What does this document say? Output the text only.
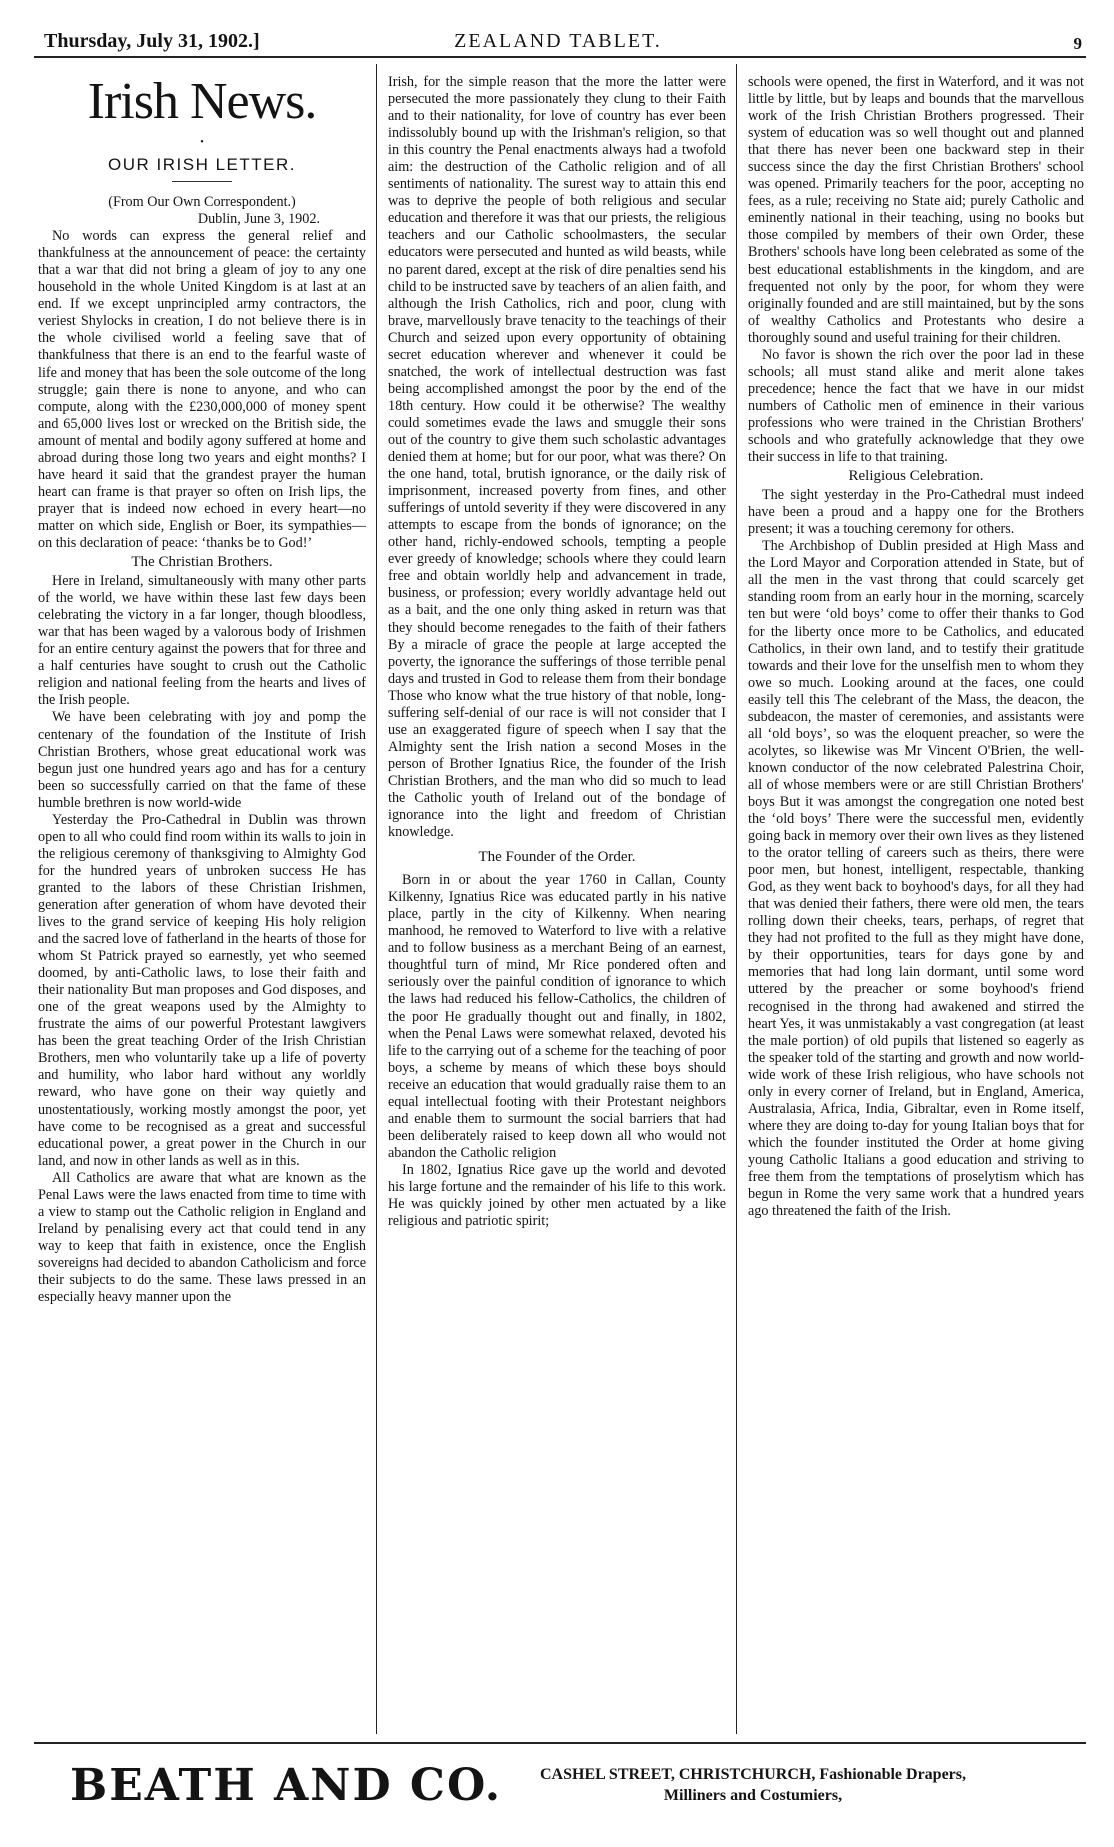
Thursday, July 31, 1902.]	ZEALAND TABLET.	9
Irish News.
•
OUR IRISH LETTER.

(From Our Own Correspondent.)

Dublin, June 3, 1902.

No words can express the general relief and thankfulness at the announcement of peace: the certainty that a war that did not bring a gleam of joy to any one household in the whole United Kingdom is at last at an end. If we except unprincipled army contractors, the veriest Shylocks in creation, I do not believe there is in the whole civilised world a feeling save that of thankfulness that there is an end to the fearful waste of life and money that has been the sole outcome of the long struggle; gain there is none to anyone, and who can compute, along with the £230,000,000 of money spent and 65,000 lives lost or wrecked on the British side, the amount of mental and bodily agony suffered at home and abroad during those long two years and eight months? I have heard it said that the grandest prayer the human heart can frame is that prayer so often on Irish lips, the prayer that is indeed now echoed in every heart—no matter on which side, English or Boer, its sympathies—on this declaration of peace: ‘thanks be to God!’

The Christian Brothers.

Here in Ireland, simultaneously with many other parts of the world, we have within these last few days been celebrating the victory in a far longer, though bloodless, war that has been waged by a valorous body of Irishmen for an entire century against the powers that for three and a half centuries have sought to crush out the Catholic religion and national feeling from the hearts and lives of the Irish people.

We have been celebrating with joy and pomp the centenary of the foundation of the Institute of Irish Christian Brothers, whose great educational work was begun just one hundred years ago and has for a century been so successfully carried on that the fame of these humble brethren is now world-wide

Yesterday the Pro-Cathedral in Dublin was thrown open to all who could find room within its walls to join in the religious ceremony of thanksgiving to Almighty God for the hundred years of unbroken success He has granted to the labors of these Christian Irishmen, generation after generation of whom have devoted their lives to the grand service of keeping His holy religion and the sacred love of fatherland in the hearts of those for whom St Patrick prayed so earnestly, yet who seemed doomed, by anti-Catholic laws, to lose their faith and their nationality But man proposes and God disposes, and one of the great weapons used by the Almighty to frustrate the aims of our powerful Protestant lawgivers has been the great teaching Order of the Irish Christian Brothers, men who voluntarily take up a life of poverty and humility, who labor hard without any worldly reward, who have gone on their way quietly and unostentatiously, working mostly amongst the poor, yet have come to be recognised as a great and successful educational power, a great power in the Church in our land, and now in other lands as well as in this.

All Catholics are aware that what are known as the Penal Laws were the laws enacted from time to time with a view to stamp out the Catholic religion in England and Ireland by penalising every act that could tend in any way to keep that faith in existence, once the English sovereigns had decided to abandon Catholicism and force their subjects to do the same. These laws pressed in an especially heavy manner upon the

Irish, for the simple reason that the more the latter were persecuted the more passionately they clung to their Faith and to their nationality, for love of country has ever been indissolubly bound up with the Irishman's religion, so that in this country the Penal enactments always had a twofold aim: the destruction of the Catholic religion and of all sentiments of nationality. The surest way to attain this end was to deprive the people of both religious and secular education and therefore it was that our priests, the religious teachers and our Catholic schoolmasters, the secular educators were persecuted and hunted as wild beasts, while no parent dared, except at the risk of dire penalties send his child to be instructed save by teachers of an alien faith, and although the Irish Catholics, rich and poor, clung with brave, marvellously brave tenacity to the teachings of their Church and seized upon every opportunity of obtaining secret education wherever and whenever it could be snatched, the work of intellectual destruction was fast being accomplished amongst the poor by the end of the 18th century. How could it be otherwise? The wealthy could sometimes evade the laws and smuggle their sons out of the country to give them such scholastic advantages denied them at home; but for our poor, what was there? On the one hand, total, brutish ignorance, or the daily risk of imprisonment, increased poverty from fines, and other sufferings of untold severity if they were discovered in any attempts to escape from the bonds of ignorance; on the other hand, richly-endowed schools, tempting a people ever greedy of knowledge; schools where they could learn free and obtain worldly help and advancement in trade, business, or profession; every worldly advantage held out as a bait, and the one only thing asked in return was that they should become renegades to the faith of their fathers By a miracle of grace the people at large accepted the poverty, the ignorance the sufferings of those terrible penal days and trusted in God to release them from their bondage Those who know what the true history of that noble, long-suffering self-denial of our race is will not consider that I use an exaggerated figure of speech when I say that the Almighty sent the Irish nation a second Moses in the person of Brother Ignatius Rice, the founder of the Irish Christian Brothers, and the man who did so much to lead the Catholic youth of Ireland out of the bondage of ignorance into the light and freedom of Christian knowledge.

The Founder of the Order.

Born in or about the year 1760 in Callan, County Kilkenny, Ignatius Rice was educated partly in his native place, partly in the city of Kilkenny. When nearing manhood, he removed to Waterford to live with a relative and to follow business as a merchant Being of an earnest, thoughtful turn of mind, Mr Rice pondered often and seriously over the painful condition of ignorance to which the laws had reduced his fellow-Catholics, the children of the poor He gradually thought out and finally, in 1802, when the Penal Laws were somewhat relaxed, devoted his life to the carrying out of a scheme for the teaching of poor boys, a scheme by means of which these boys should receive an education that would gradually raise them to an equal intellectual footing with their Protestant neighbors and enable them to surmount the social barriers that had been deliberately raised to keep down all who would not abandon the Catholic religion

In 1802, Ignatius Rice gave up the world and devoted his large fortune and the remainder of his life to this work. He was quickly joined by other men actuated by a like religious and patriotic spirit;

schools were opened, the first in Waterford, and it was not little by little, but by leaps and bounds that the marvellous work of the Irish Christian Brothers progressed. Their system of education was so well thought out and planned that there has never been one backward step in their success since the day the first Christian Brothers' school was opened. Primarily teachers for the poor, accepting no fees, as a rule; receiving no State aid; purely Catholic and eminently national in their teaching, using no books but those compiled by members of their own Order, these Brothers' schools have long been celebrated as some of the best educational establishments in the kingdom, and are frequented not only by the poor, for whom they were originally founded and are still maintained, but by the sons of wealthy Catholics and Protestants who desire a thoroughly sound and useful training for their children.

No favor is shown the rich over the poor lad in these schools; all must stand alike and merit alone takes precedence; hence the fact that we have in our midst numbers of Catholic men of eminence in their various professions who were trained in the Christian Brothers' schools and who gratefully acknowledge that they owe their success in life to that training.

Religious Celebration.

The sight yesterday in the Pro-Cathedral must indeed have been a proud and a happy one for the Brothers present; it was a touching ceremony for others.

The Archbishop of Dublin presided at High Mass and the Lord Mayor and Corporation attended in State, but of all the men in the vast throng that could scarcely get standing room from an early hour in the morning, scarcely ten but were ‘old boys’ come to offer their thanks to God for the liberty once more to be Catholics, and educated Catholics, in their own land, and to testify their gratitude towards and their love for the unselfish men to whom they owe so much. Looking around at the faces, one could easily tell this The celebrant of the Mass, the deacon, the subdeacon, the master of ceremonies, and assistants were all ‘old boys’, so was the eloquent preacher, so were the acolytes, so likewise was Mr Vincent O'Brien, the well-known conductor of the now celebrated Palestrina Choir, all of whose members were or are still Christian Brothers' boys But it was amongst the congregation one noted best the ‘old boys’ There were the successful men, evidently going back in memory over their own lives as they listened to the orator telling of careers such as theirs, there were poor men, but honest, intelligent, respectable, thanking God, as they went back to boyhood's days, for all they had that was denied their fathers, there were old men, the tears rolling down their cheeks, tears, perhaps, of regret that they had not profited to the full as they might have done, by their opportunities, tears for days gone by and memories that had long lain dormant, until some word uttered by the preacher or some boyhood's friend recognised in the throng had awakened and stirred the heart Yes, it was unmistakably a vast congregation (at least the male portion) of old pupils that listened so eagerly as the speaker told of the starting and growth and now world-wide work of these Irish religious, who have schools not only in every corner of Ireland, but in England, America, Australasia, Africa, India, Gibraltar, even in Rome itself, where they are doing to-day for young Italian boys that for which the founder instituted the Order at home giving young Catholic Italians a good education and striving to free them from the temptations of proselytism which has begun in Rome the very same work that a hundred years ago threatened the faith of the Irish.

BEATH AND CO.	CASHEL STREET, CHRISTCHURCH, Fashionable Drapers,
Milliners and Costumiers,
